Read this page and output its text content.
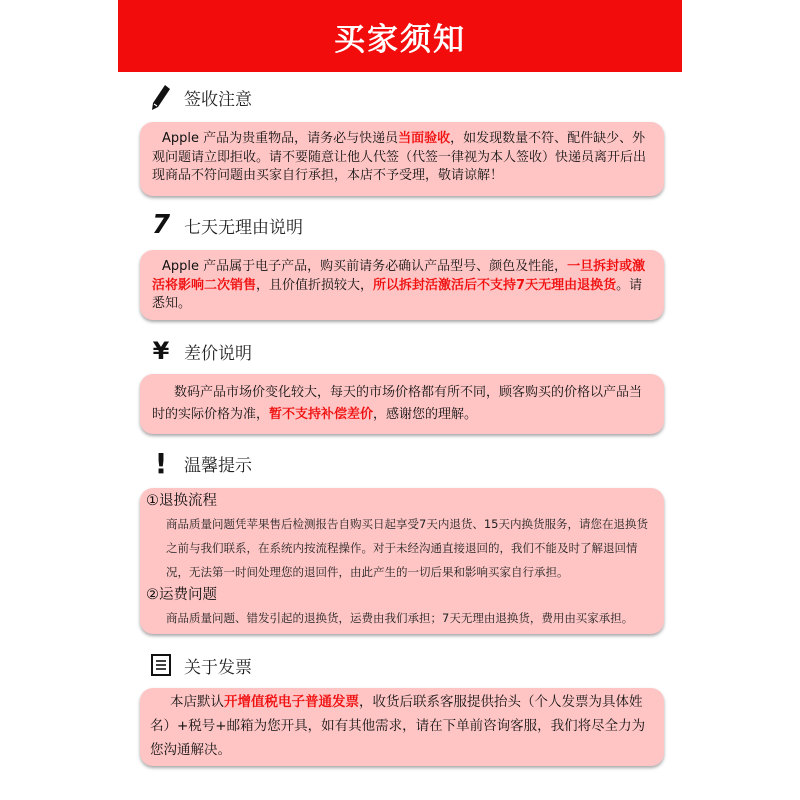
买家须知
签收注意

Apple 产品为贵重物品，请务必与快递员当面验收，如发现数量不符、配件缺少、外观问题请立即拒收。请不要随意让他人代签（代签一律视为本人签收）快递员离开后出现商品不符问题由买家自行承担，本店不予受理，敬请谅解！

7 七天无理由说明

Apple 产品属于电子产品，购买前请务必确认产品型号、颜色及性能，一旦拆封或激活将影响二次销售，且价值折损较大，所以拆封活激活后不支持7天无理由退换货。请悉知。

¥ 差价说明

数码产品市场价变化较大，每天的市场价格都有所不同，顾客购买的价格以产品当时的实际价格为准，暂不支持补偿差价，感谢您的理解。

! 温馨提示
①退换流程
商品质量问题凭苹果售后检测报告自购买日起享受7天内退货、15天内换货服务，请您在退换货之前与我们联系，在系统内按流程操作。对于未经沟通直接退回的，我们不能及时了解退回情况，无法第一时间处理您的退回件，由此产生的一切后果和影响买家自行承担。
②运费问题
商品质量问题、错发引起的退换货，运费由我们承担；7天无理由退换货，费用由买家承担。
关于发票

本店默认开增值税电子普通发票，收货后联系客服提供抬头（个人发票为具体姓名）+税号+邮箱为您开具，如有其他需求，请在下单前咨询客服，我们将尽全力为您沟通解决。
